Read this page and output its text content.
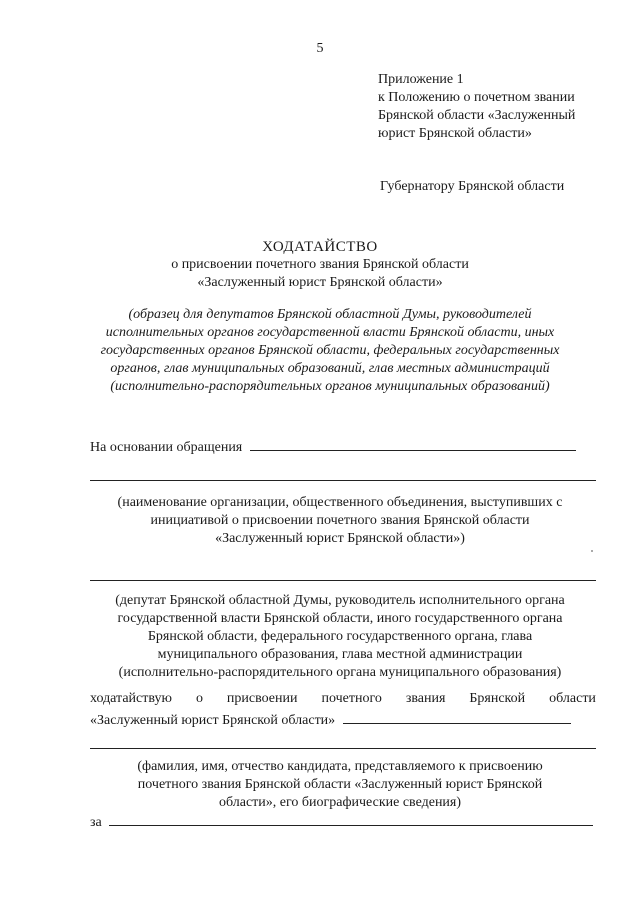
5
Приложение 1
к Положению о почетном звании
Брянской области «Заслуженный
юрист Брянской области»
Губернатору Брянской области
ХОДАТАЙСТВО
о присвоении почетного звания Брянской области
«Заслуженный юрист Брянской области»
(образец для депутатов Брянской областной Думы, руководителей
исполнительных органов государственной власти Брянской области, иных
государственных органов Брянской области, федеральных государственных
органов, глав муниципальных образований, глав местных администраций
(исполнительно-распорядительных органов муниципальных образований)
На основании обращения
(наименование организации, общественного объединения, выступивших с
инициативой о присвоении почетного звания Брянской области
«Заслуженный юрист Брянской области»)
(депутат Брянской областной Думы, руководитель исполнительного органа
государственной власти Брянской области, иного государственного органа
Брянской области, федерального государственного органа, глава
муниципального образования, глава местной администрации
(исполнительно-распорядительного органа муниципального образования)
ходатайствую о присвоении почетного звания Брянской области
«Заслуженный юрист Брянской области»
(фамилия, имя, отчество кандидата, представляемого к присвоению
почетного звания Брянской области «Заслуженный юрист Брянской
области», его биографические сведения)
за
